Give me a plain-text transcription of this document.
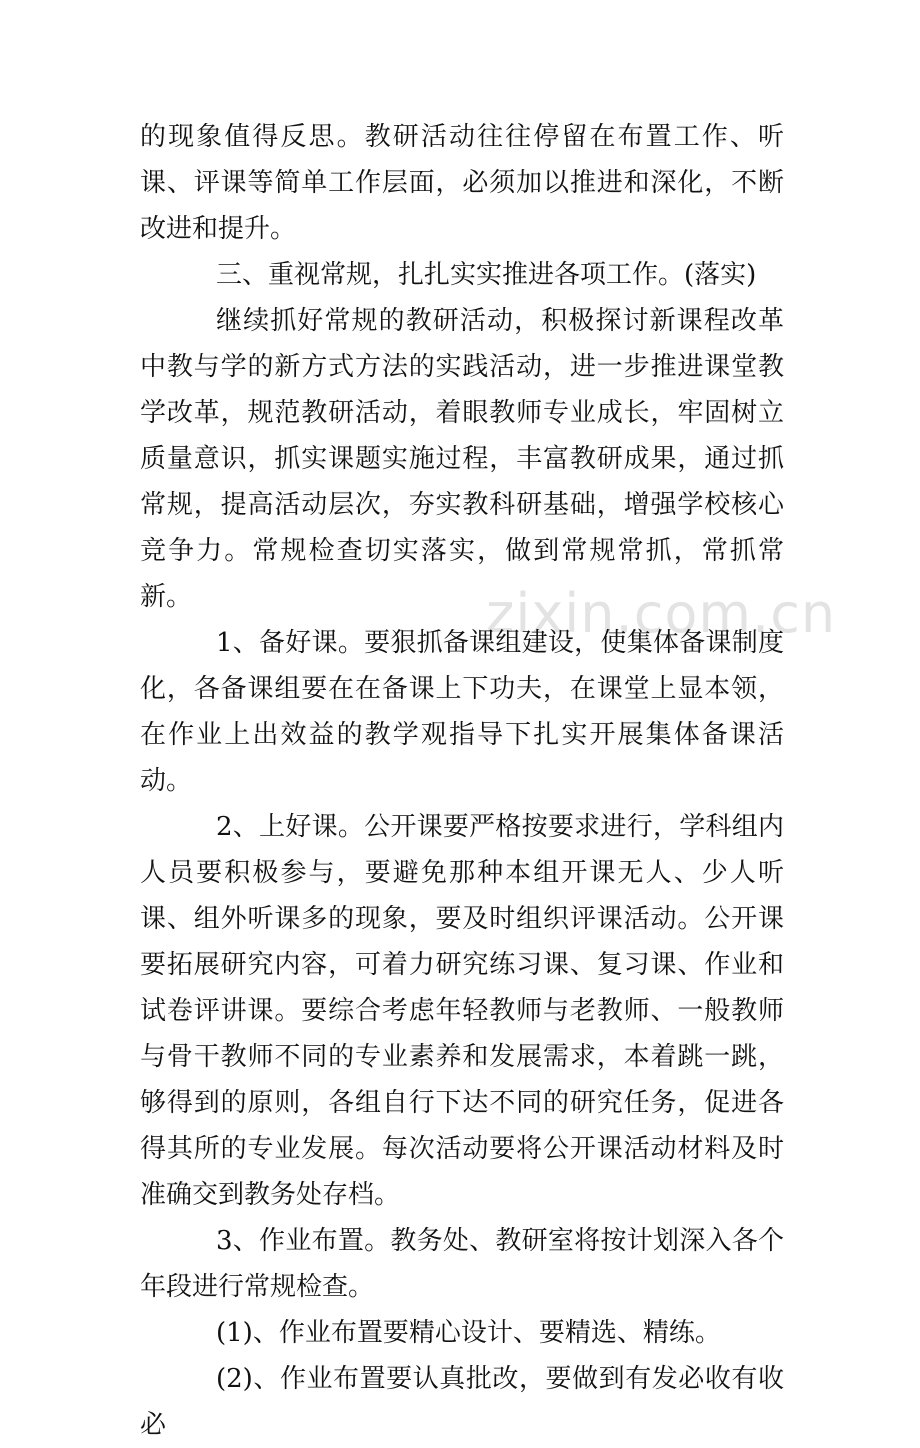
的现象值得反思。教研活动往往停留在布置工作、听课、评课等简单工作层面，必须加以推进和深化，不断改进和提升。

三、重视常规，扎扎实实推进各项工作。(落实)

继续抓好常规的教研活动，积极探讨新课程改革中教与学的新方式方法的实践活动，进一步推进课堂教学改革，规范教研活动，着眼教师专业成长，牢固树立质量意识，抓实课题实施过程，丰富教研成果，通过抓常规，提高活动层次，夯实教科研基础，增强学校核心竞争力。常规检查切实落实，做到常规常抓，常抓常新。

1、备好课。要狠抓备课组建设，使集体备课制度化，各备课组要在在备课上下功夫，在课堂上显本领，在作业上出效益的教学观指导下扎实开展集体备课活动。

2、上好课。公开课要严格按要求进行，学科组内人员要积极参与，要避免那种本组开课无人、少人听课、组外听课多的现象，要及时组织评课活动。公开课要拓展研究内容，可着力研究练习课、复习课、作业和试卷评讲课。要综合考虑年轻教师与老教师、一般教师与骨干教师不同的专业素养和发展需求，本着跳一跳，够得到的原则，各组自行下达不同的研究任务，促进各得其所的专业发展。每次活动要将公开课活动材料及时准确交到教务处存档。

3、作业布置。教务处、教研室将按计划深入各个年段进行常规检查。

(1)、作业布置要精心设计、要精选、精练。

(2)、作业布置要认真批改，要做到有发必收有收必

zixin.com.cn
